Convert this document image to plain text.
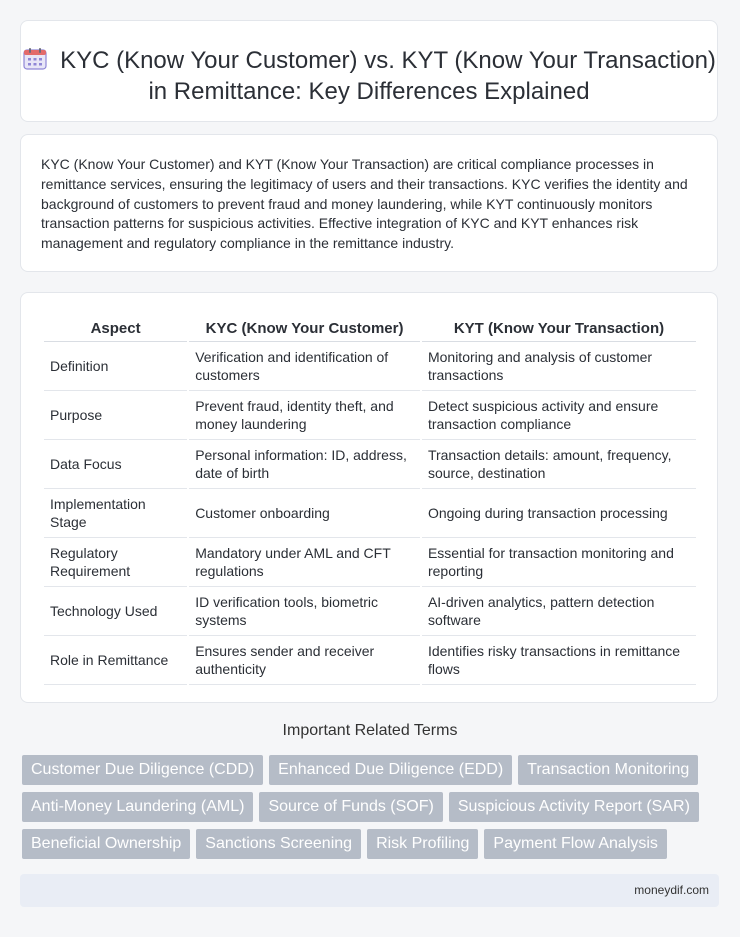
KYC (Know Your Customer) vs. KYT (Know Your Transaction) in Remittance: Key Differences Explained

KYC (Know Your Customer) and KYT (Know Your Transaction) are critical compliance processes in remittance services, ensuring the legitimacy of users and their transactions. KYC verifies the identity and background of customers to prevent fraud and money laundering, while KYT continuously monitors transaction patterns for suspicious activities. Effective integration of KYC and KYT enhances risk management and regulatory compliance in the remittance industry.

Aspect	KYC (Know Your Customer)	KYT (Know Your Transaction)
Definition	Verification and identification of customers	Monitoring and analysis of customer transactions
Purpose	Prevent fraud, identity theft, and money laundering	Detect suspicious activity and ensure transaction compliance
Data Focus	Personal information: ID, address, date of birth	Transaction details: amount, frequency, source, destination
Implementation Stage	Customer onboarding	Ongoing during transaction processing
Regulatory Requirement	Mandatory under AML and CFT regulations	Essential for transaction monitoring and reporting
Technology Used	ID verification tools, biometric systems	AI-driven analytics, pattern detection software
Role in Remittance	Ensures sender and receiver authenticity	Identifies risky transactions in remittance flows
Important Related Terms
Customer Due Diligence (CDD)	Enhanced Due Diligence (EDD)	Transaction Monitoring
Anti-Money Laundering (AML)	Source of Funds (SOF)	Suspicious Activity Report (SAR)
Beneficial Ownership	Sanctions Screening	Risk Profiling	Payment Flow Analysis
moneydif.com
